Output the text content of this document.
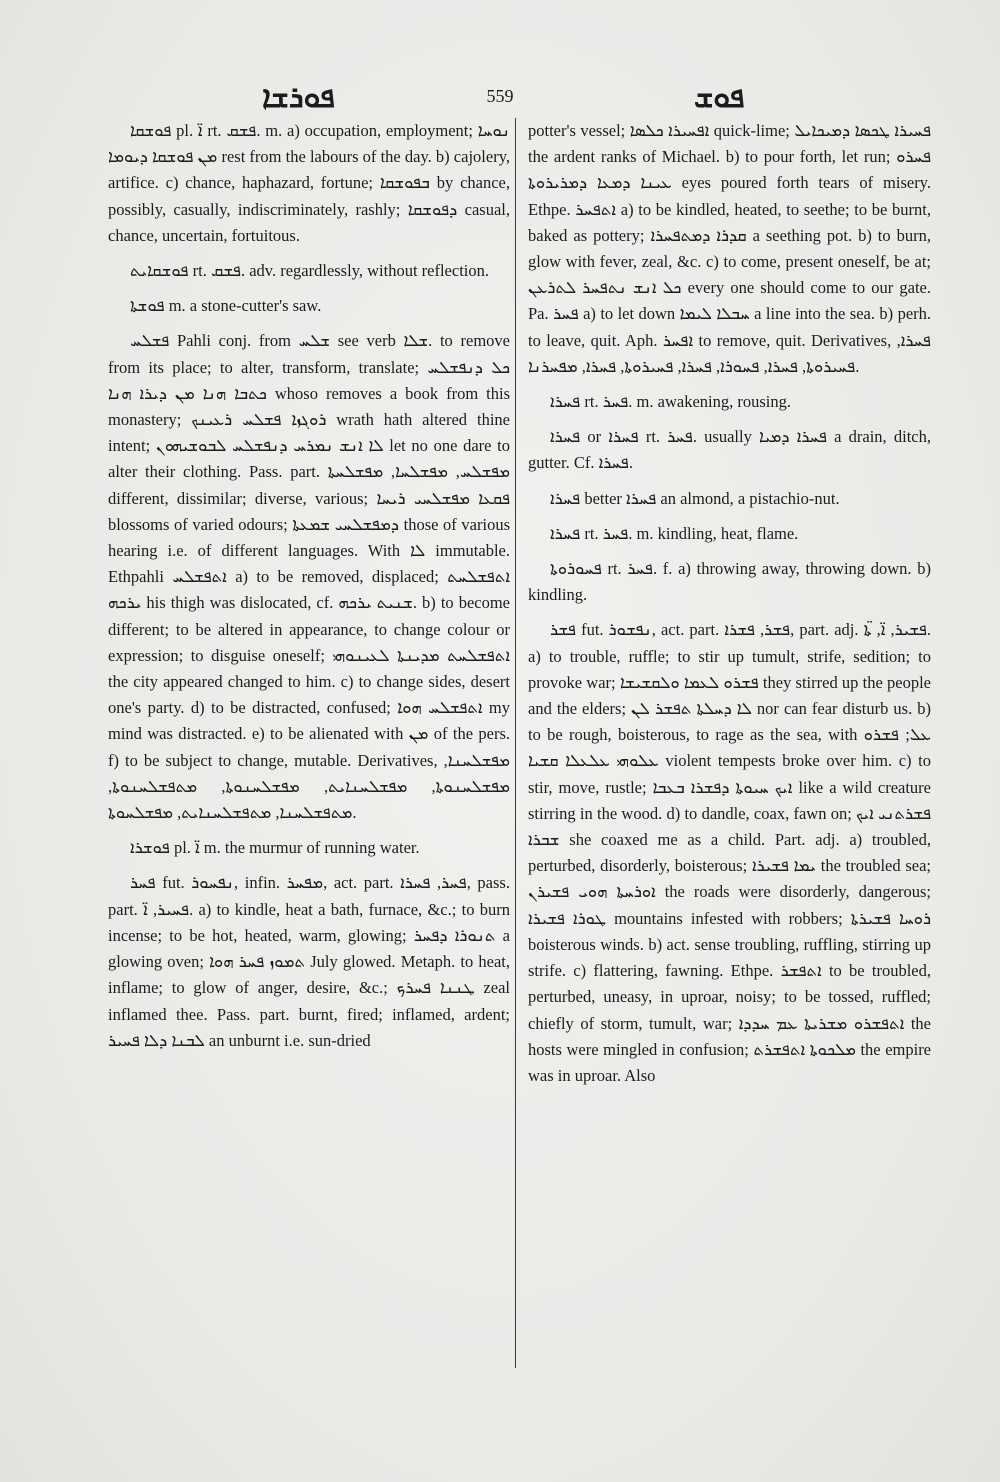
ܦܘܪܫܐ	559	ܦܘܫ

ܦܘܫܩܐ pl. ܐ̈ rt. ܦܫܩ. m. a) occupation, employment; ܢܘܚܐ ܡܢ ܦܘܫܩܐ ܕܝܘܡܐ rest from the labours of the day. b) cajolery, artifice. c) chance, haphazard, fortune; ܒܦܘܫܩܐ by chance, possibly, casually, indiscriminately, rashly; ܕܦܘܫܩܐ casual, chance, uncertain, fortuitous.

ܦܘܫܩܐܝܬ rt. ܦܫܩ. adv. regardlessly, without reflection.

ܦܘܫܬܐ m. a stone-cutter's saw.

ܦܫܠܚ Pahli conj. from ܫܠܚ see verb ܫܠܐ. to remove from its place; to alter, transform, translate; ܟܠ ܕܢܦܫܠܚ ܟܬܒܐ ܗܢܐ ܡܢ ܕܝܪܐ ܗܢܐ whoso removes a book from this monastery; ܪܘܓܙܐ ܦܫܠܚ ܪܥܝܢܟ wrath hath altered thine intent; ܠܐ ܐܢܫ ܢܡܪܚ ܕܢܦܫܠܚ ܠܒܘܫܝܗܘܢ let no one dare to alter their clothing. Pass. part. ܡܦܫܠܚ, ܡܦܫܠܚܐ, ܡܦܫܠܚܬܐ different, dissimilar; diverse, various; ܦܩܥܐ ܡܦܫܠܚܝ ܪܝܚܐ blossoms of varied odours; ܕܡܦܫܠܚܝ ܫܡܥܬܐ those of various hearing i.e. of different languages. With ܠܐ immutable. Ethpahli ܐܬܦܫܠܚ a) to be removed, displaced; ܐܬܦܫܠܚܬ ܝܪܟܗ his thigh was dislocated, cf. ܫܢܝܬ ܝܪܟܗ. b) to become different; to be altered in appearance, to change colour or expression; to disguise oneself; ܐܬܦܫܠܚܬ ܡܕܝܢܬܐ ܠܥܝܢܘܗܝ the city appeared changed to him. c) to change sides, desert one's party. d) to be distracted, confused; ܐܬܦܫܠܚ ܗܘܐ my mind was distracted. e) to be alienated with ܡܢ of the pers. f) to be subject to change, mutable. Derivatives, ܡܦܫܠܚܢܐ, ܡܦܫܠܚܢܘܬܐ, ܡܦܫܠܚܢܐܝܬ, ܡܦܫܠܚܢܘܬܐ, ܡܬܦܫܠܚܢܘܬܐ, ܡܬܦܫܠܚܢܐ, ܡܬܦܫܠܚܢܐܝܬ, ܡܦܫܠܚܘܬܐ.

ܦܘܫܪܐ pl. ܐ̈ m. the murmur of running water.

ܦܚܪ fut. ܢܦܚܘܪ, infin. ܡܦܚܪ, act. part. ܦܚܪ, ܦܚܪܐ, pass. part. ܦܚܝܪ, ܐ̈. a) to kindle, heat a bath, furnace, &c.; to burn incense; to be hot, heated, warm, glowing; ܬܢܘܪܐ ܕܦܚܪ a glowing oven; ܬܡܘܙ ܦܚܪ ܗܘܐ July glowed. Metaph. to heat, inflame; to glow of anger, desire, &c.; ܛܢܢܐ ܦܚܪܟ zeal inflamed thee. Pass. part. burnt, fired; inflamed, ardent; ܠܒܢܐ ܕܠܐ ܦܚܝܪ an unburnt i.e. sun-dried

potter's vessel; ܐܦܚܝܪܐ ܟܠܣܐ quick-lime; ܦܚܝܪܐ ܛܟܣܐ ܕܡܝܟܐܝܠ the ardent ranks of Michael. b) to pour forth, let run; ܦܚܪܘ ܥܝܢܐ ܕܡܥܐ ܕܡܪܝܪܘܬܐ eyes poured forth tears of misery. Ethpe. ܐܬܦܚܪ a) to be kindled, heated, to seethe; to be burnt, baked as pottery; ܩܕܪܐ ܕܡܬܦܚܪܐ a seething pot. b) to burn, glow with fever, zeal, &c. c) to come, present oneself, be at; ܟܠ ܐܢܫ ܢܬܦܚܪ ܠܬܪܥܢ every one should come to our gate. Pa. ܦܚܪ a) to let down ܚܒܠܐ ܠܝܡܐ a line into the sea. b) perh. to leave, quit. Aph. ܐܦܚܪ to remove, quit. Derivatives, ܦܚܪܐ, ܦܚܝܪܘܬܐ, ܦܚܪܐ, ܦܚܘܪܐ, ܦܚܪܐ, ܦܚܝܪܘܬܐ, ܦܚܪܐ, ܡܦܚܪܢܐ.

ܦܚܪܐ rt. ܦܚܪ. m. awakening, rousing.

ܦܚܪܐ or ܦܚܪܐ rt. ܦܚܪ. usually ܦܚܪܐ ܕܡܝܐ a drain, ditch, gutter. Cf. ܦܚܪܐ.

ܦܚܪܐ better ܦܚܪܐ an almond, a pistachio-nut.

ܦܚܪܐ rt. ܦܚܪ. m. kindling, heat, flame.

ܦܚܘܪܘܬܐ rt. ܦܚܪ. f. a) throwing away, throwing down. b) kindling.

ܦܫܪ fut. ܢܦܫܘܪ, act. part. ܦܫܪ, ܦܫܪܐ, part. adj. ܦܫܝܪ, ܐ̈, ܬܐ̈. a) to trouble, ruffle; to stir up tumult, strife, sedition; to provoke war; ܦܫܪܘ ܠܥܡܐ ܘܠܩܫܝܫܐ they stirred up the people and the elders; ܠܐ ܕܚܠܬܐ ܬܦܫܪ ܠܢ nor can fear disturb us. b) to be rough, boisterous, to rage as the sea, with ܥܠ; ܦܫܪܘ ܥܠܘܗܝ ܥܠܥܠܐ ܩܫܝܐ violent tempests broke over him. c) to stir, move, rustle; ܐܝܟ ܚܝܘܬܐ ܕܦܫܪܐ ܒܥܒܐ like a wild creature stirring in the wood. d) to dandle, coax, fawn on; ܦܫܪܬܢܝ ܐܝܟ ܫܒܪܐ she coaxed me as a child. Part. adj. a) troubled, perturbed, disorderly, boisterous; ܝܡܐ ܦܫܝܪܐ the troubled sea; ܐܘܪܚܬܐ ܗܘܝ ܦܫܝܪܢ the roads were disorderly, dangerous; ܛܘܪܐ ܦܫܝܪܐ mountains infested with robbers; ܪܘܚܐ ܦܫܝܪܬܐ boisterous winds. b) act. sense troubling, ruffling, stirring up strife. c) flattering, fawning. Ethpe. ܐܬܦܫܪ to be troubled, perturbed, uneasy, in uproar, noisy; to be tossed, ruffled; chiefly of storm, tumult, war; ܐܬܦܫܪܘ ܡܫܪܝܬܐ ܥܡ ܚܕܕܐ the hosts were mingled in confusion; ܡܠܟܘܬܐ ܐܬܦܫܪܬ the empire was in uproar. Also
